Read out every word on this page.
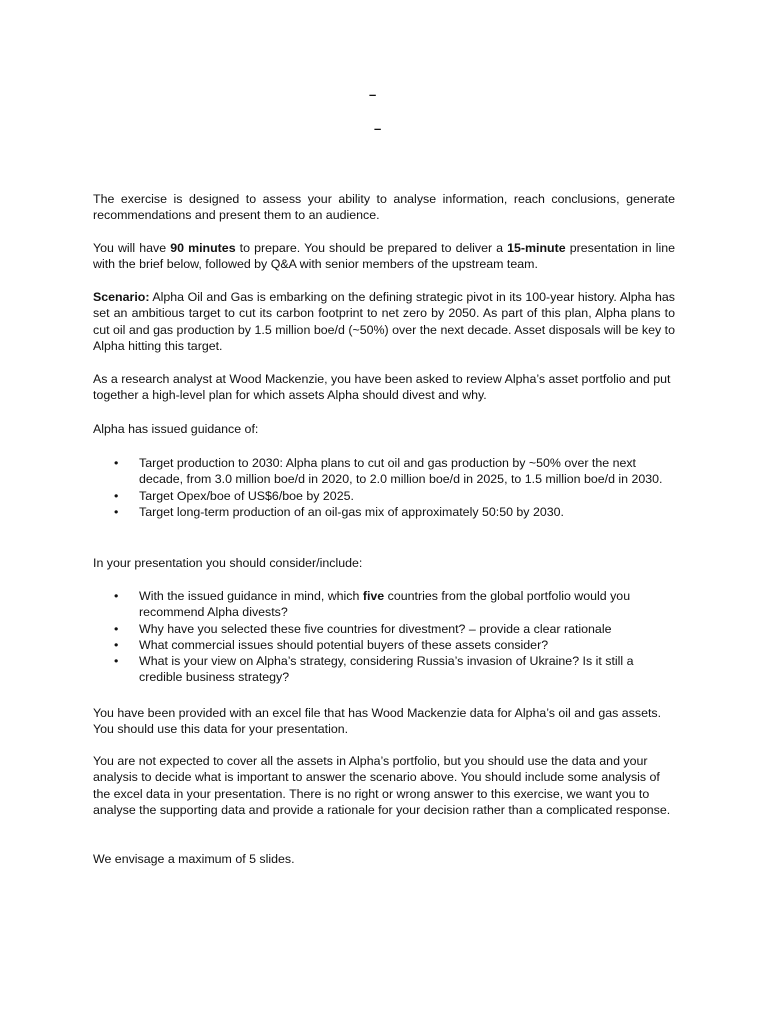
–
–

The exercise is designed to assess your ability to analyse information, reach conclusions, generate recommendations and present them to an audience.

You will have 90 minutes to prepare. You should be prepared to deliver a 15-minute presentation in line with the brief below, followed by Q&A with senior members of the upstream team.

Scenario: Alpha Oil and Gas is embarking on the defining strategic pivot in its 100-year history. Alpha has set an ambitious target to cut its carbon footprint to net zero by 2050. As part of this plan, Alpha plans to cut oil and gas production by 1.5 million boe/d (~50%) over the next decade. Asset disposals will be key to Alpha hitting this target.

As a research analyst at Wood Mackenzie, you have been asked to review Alpha’s asset portfolio and put together a high-level plan for which assets Alpha should divest and why.

Alpha has issued guidance of:

• Target production to 2030: Alpha plans to cut oil and gas production by ~50% over the next decade, from 3.0 million boe/d in 2020, to 2.0 million boe/d in 2025, to 1.5 million boe/d in 2030.
• Target Opex/boe of US$6/boe by 2025.
• Target long-term production of an oil-gas mix of approximately 50:50 by 2030.

In your presentation you should consider/include:

• With the issued guidance in mind, which five countries from the global portfolio would you recommend Alpha divests?
• Why have you selected these five countries for divestment? – provide a clear rationale
• What commercial issues should potential buyers of these assets consider?
• What is your view on Alpha’s strategy, considering Russia’s invasion of Ukraine? Is it still a credible business strategy?

You have been provided with an excel file that has Wood Mackenzie data for Alpha’s oil and gas assets. You should use this data for your presentation.

You are not expected to cover all the assets in Alpha’s portfolio, but you should use the data and your analysis to decide what is important to answer the scenario above. You should include some analysis of the excel data in your presentation. There is no right or wrong answer to this exercise, we want you to analyse the supporting data and provide a rationale for your decision rather than a complicated response.

We envisage a maximum of 5 slides.
